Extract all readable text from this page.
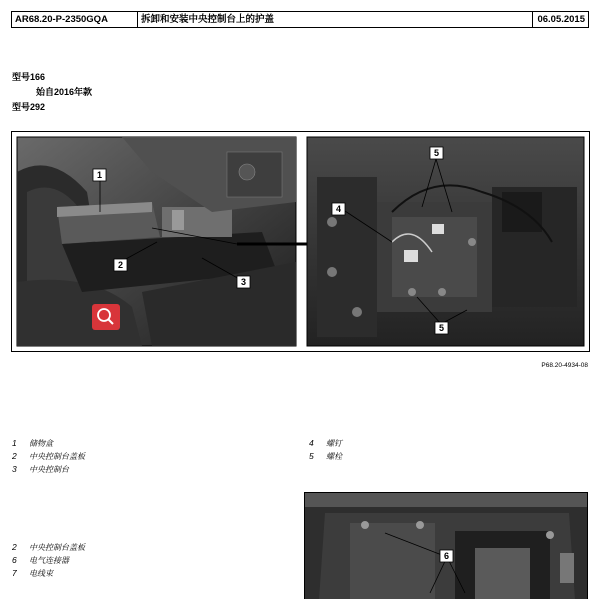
AR68.20-P-2350GQA	拆卸和安装中央控制台上的护盖	06.05.2015
型号166
始自2016年款
型号292
1
2
3
4
5
5
P68.20-4934-08
1	储物盒
2	中央控制台盖板
3	中央控制台
4	螺钉
5	螺栓
2	中央控制台盖板
6	电气连接器
7	电线束
6
